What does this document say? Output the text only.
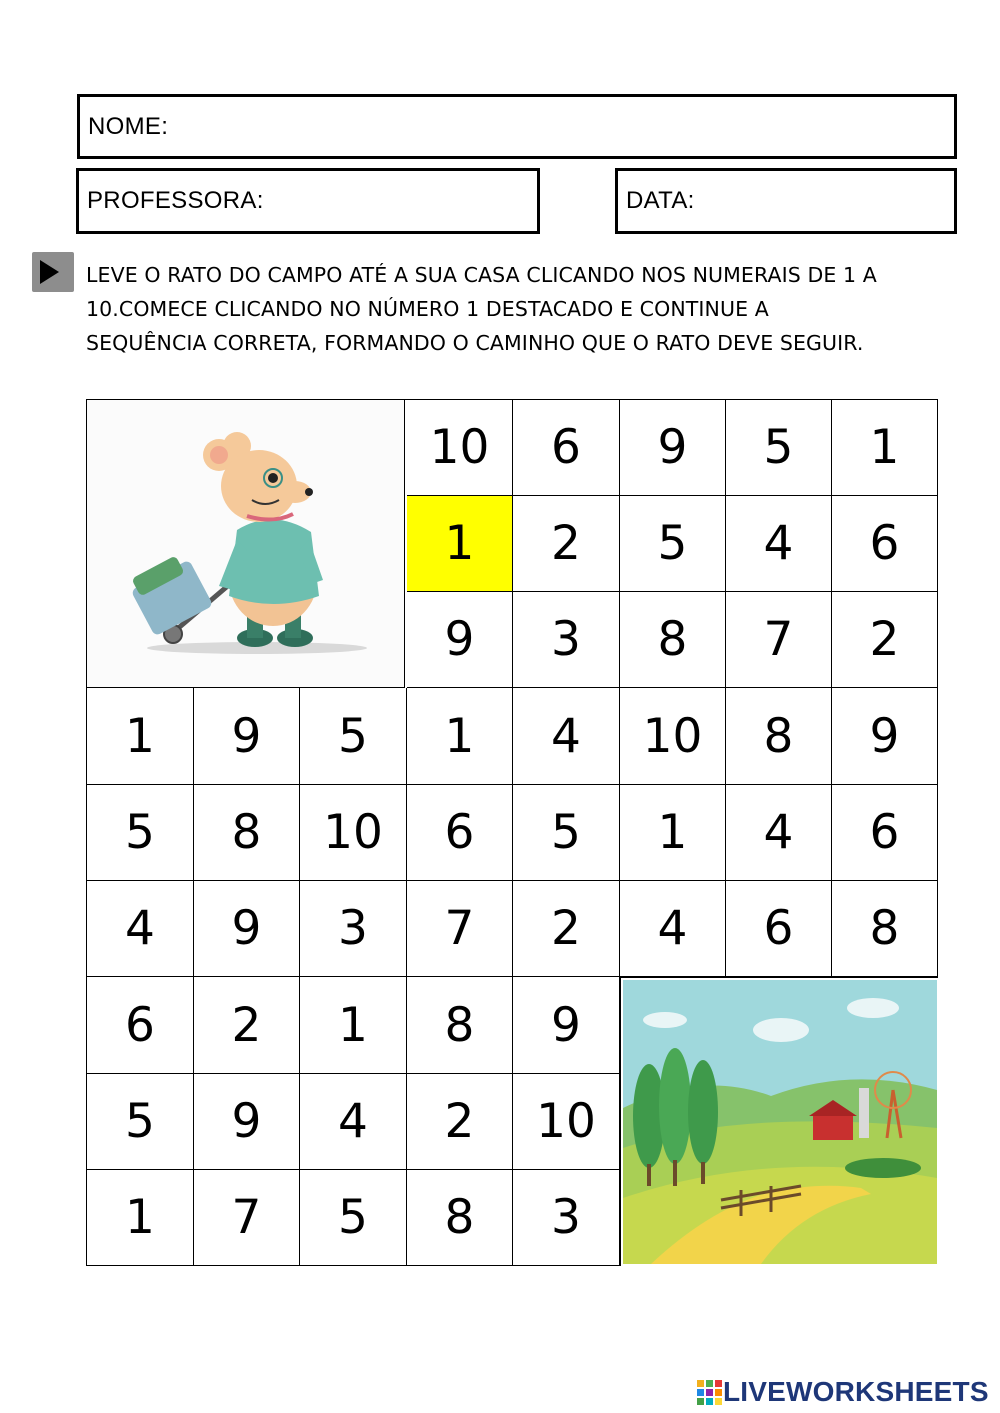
NOME:
PROFESSORA:	DATA:
LEVE O RATO DO CAMPO ATÉ A SUA CASA CLICANDO NOS NUMERAIS DE 1 A
10.COMECE CLICANDO NO NÚMERO 1 DESTACADO E CONTINUE A
SEQUÊNCIA CORRETA, FORMANDO O CAMINHO QUE O RATO DEVE SEGUIR.
10	6	9	5	1
1	2	5	4	6
9	3	8	7	2
1	9	5	1	4	10	8	9
5	8	10	6	5	1	4	6
4	9	3	7	2	4	6	8
6	2	1	8	9
5	9	4	2	10
1	7	5	8	3
LIVEWORKSHEETS
